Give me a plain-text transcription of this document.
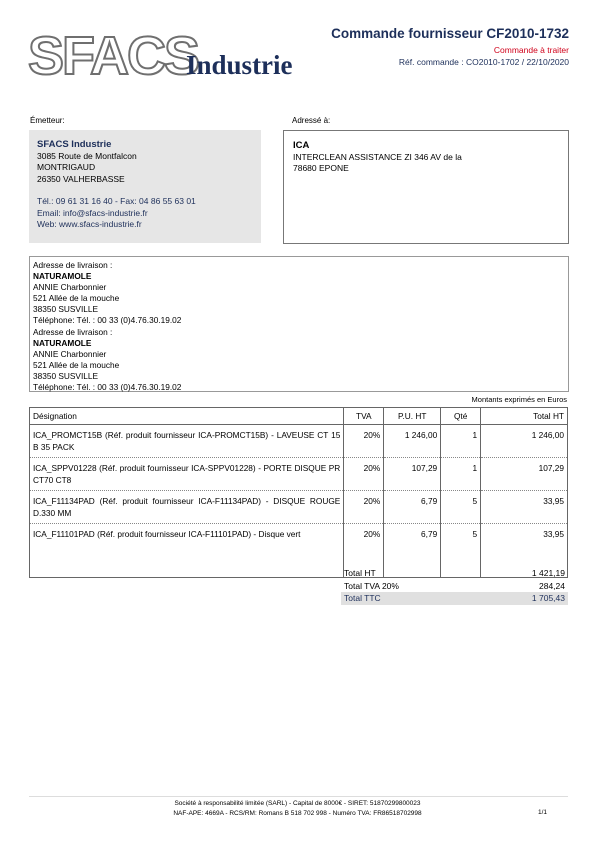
SFACS
Industrie
Commande fournisseur CF2010-1732
Commande à traiter
Réf. commande : CO2010-1702 / 22/10/2020
Émetteur:
SFACS Industrie
3085 Route de Montfalcon
MONTRIGAUD
26350 VALHERBASSE
Tél.: 09 61 31 16 40 - Fax: 04 86 55 63 01
Email: info@sfacs-industrie.fr
Web: www.sfacs-industrie.fr
Adressé à:
ICA
INTERCLEAN ASSISTANCE ZI 346 AV de la
78680 EPONE
Adresse de livraison :
NATURAMOLE
ANNIE Charbonnier
521 Allée de la mouche
38350 SUSVILLE
Téléphone: Tél. : 00 33 (0)4.76.30.19.02
Adresse de livraison :
NATURAMOLE
ANNIE Charbonnier
521 Allée de la mouche
38350 SUSVILLE
Téléphone: Tél. : 00 33 (0)4.76.30.19.02
Montants exprimés en Euros
Désignation	TVA	P.U. HT	Qté	Total HT
ICA_PROMCT15B (Réf. produit fournisseur ICA-PROMCT15B) - LAVEUSE CT 15 B 35 PACK	20%	1 246,00	1	1 246,00
ICA_SPPV01228 (Réf. produit fournisseur ICA-SPPV01228) - PORTE DISQUE PR CT70 CT8	20%	107,29	1	107,29
ICA_F11134PAD (Réf. produit fournisseur ICA-F11134PAD) - DISQUE ROUGE D.330 MM	20%	6,79	5	33,95
ICA_F11101PAD (Réf. produit fournisseur ICA-F11101PAD) - Disque vert	20%	6,79	5	33,95
Total HT	1 421,19
Total TVA 20%	284,24
Total TTC	1 705,43
Société à responsabilité limitée (SARL) - Capital de 8000€ - SIRET: 51870299800023
NAF-APE: 4669A - RCS/RM: Romans B 518 702 998 - Numéro TVA: FR86518702998	1/1
